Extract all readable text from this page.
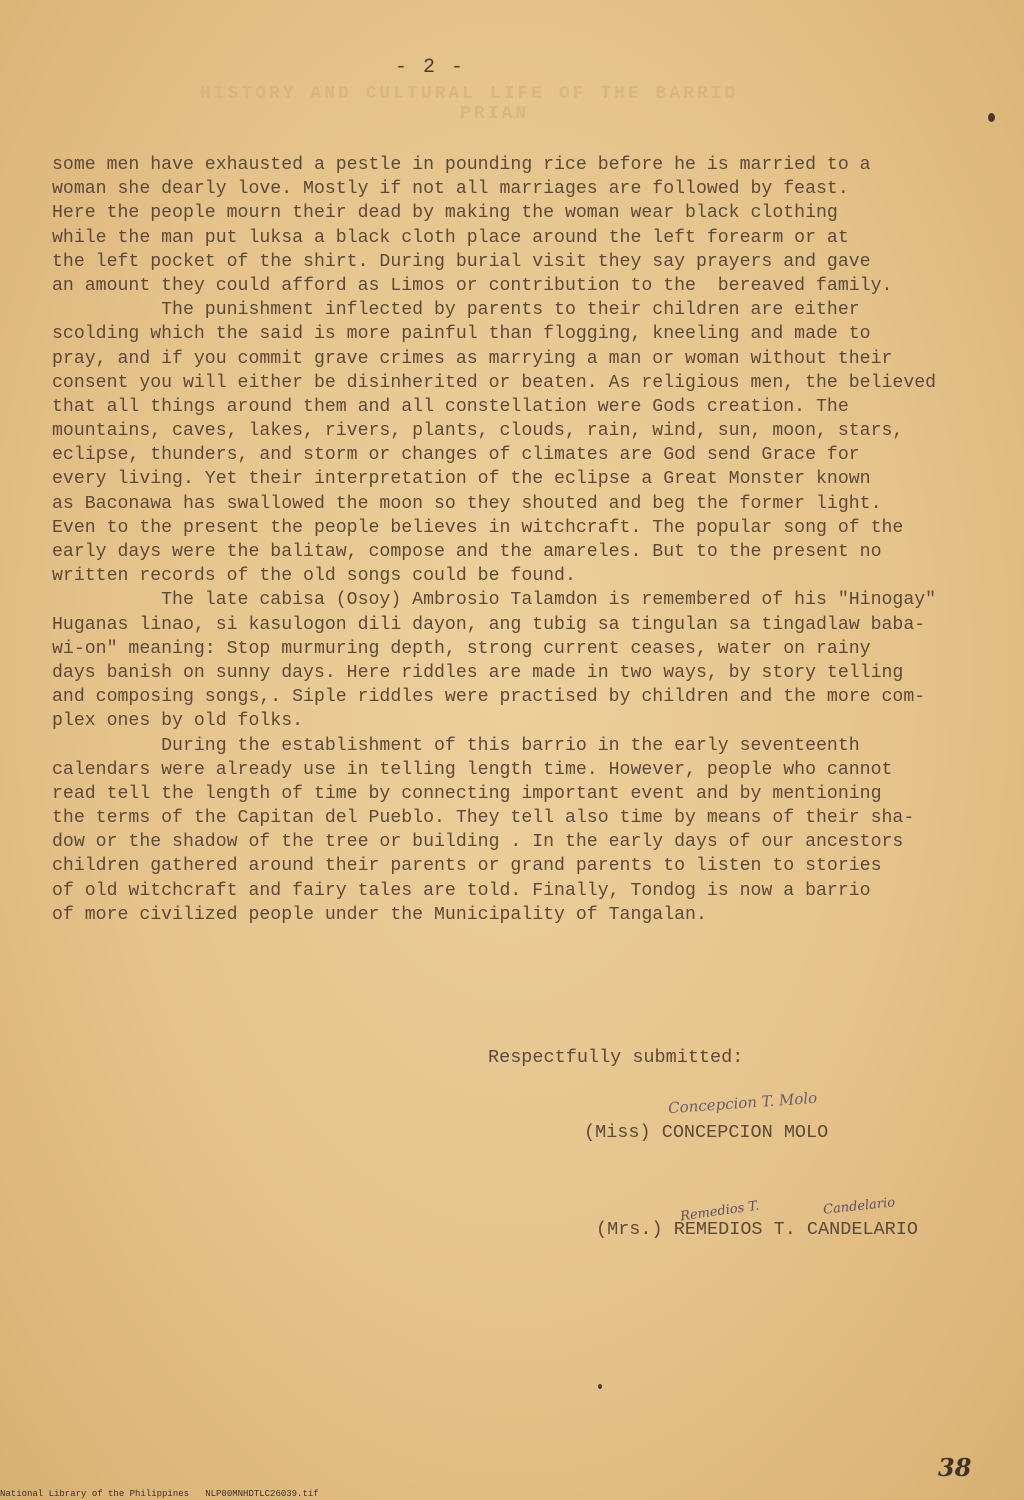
HISTORY AND CULTURAL LIFE OF THE BARRIO
PRIAN
- 2 -
some men have exhausted a pestle in pounding rice before he is married to a
woman she dearly love. Mostly if not all marriages are followed by feast.
Here the people mourn their dead by making the woman wear black clothing
while the man put luksa a black cloth place around the left forearm or at
the left pocket of the shirt. During burial visit they say prayers and gave
an amount they could afford as Limos or contribution to the  bereaved family.
The punishment inflected by parents to their children are either
scolding which the said is more painful than flogging, kneeling and made to
pray, and if you commit grave crimes as marrying a man or woman without their
consent you will either be disinherited or beaten. As religious men, the believed
that all things around them and all constellation were Gods creation. The
mountains, caves, lakes, rivers, plants, clouds, rain, wind, sun, moon, stars,
eclipse, thunders, and storm or changes of climates are God send Grace for
every living. Yet their interpretation of the eclipse a Great Monster known
as Baconawa has swallowed the moon so they shouted and beg the former light.
Even to the present the people believes in witchcraft. The popular song of the
early days were the balitaw, compose and the amareles. But to the present no
written records of the old songs could be found.
The late cabisa (Osoy) Ambrosio Talamdon is remembered of his "Hinogay"
Huganas linao, si kasulogon dili dayon, ang tubig sa tingulan sa tingadlaw baba-
wi-on" meaning: Stop murmuring depth, strong current ceases, water on rainy
days banish on sunny days. Here riddles are made in two ways, by story telling
and composing songs,. Siple riddles were practised by children and the more com-
plex ones by old folks.
During the establishment of this barrio in the early seventeenth
calendars were already use in telling length time. However, people who cannot
read tell the length of time by connecting important event and by mentioning
the terms of the Capitan del Pueblo. They tell also time by means of their sha-
dow or the shadow of the tree or building . In the early days of our ancestors
children gathered around their parents or grand parents to listen to stories
of old witchcraft and fairy tales are told. Finally, Tondog is now a barrio
of more civilized people under the Municipality of Tangalan.
Respectfully submitted:
Concepcion T. Molo
(Miss) CONCEPCION MOLO
Remedios T.	Candelario
(Mrs.) REMEDIOS T. CANDELARIO
38
National Library of the Philippines NLP00MNHDTLC26039.tif
